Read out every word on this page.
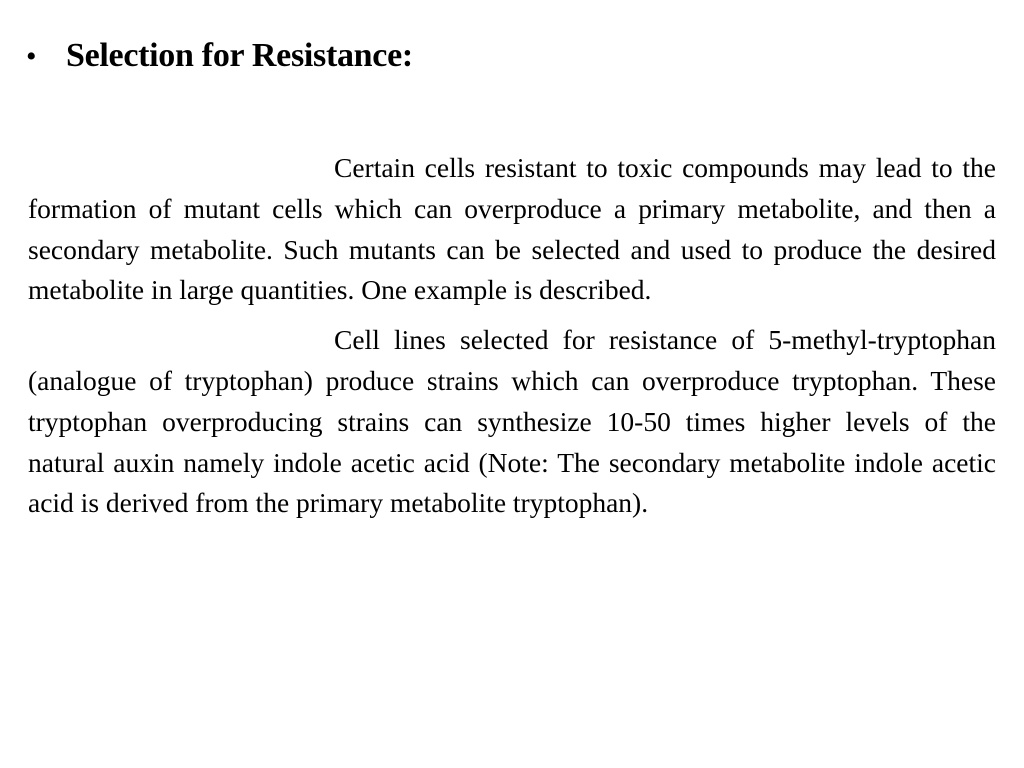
• Selection for Resistance:

Certain cells resistant to toxic compounds may lead to the formation of mutant cells which can overproduce a primary metabolite, and then a secondary metabolite. Such mutants can be selected and used to produce the desired metabolite in large quantities. One example is described.

Cell lines selected for resistance of 5-methyl-tryptophan (analogue of tryptophan) produce strains which can overproduce tryptophan. These tryptophan overproducing strains can synthesize 10-50 times higher levels of the natural auxin namely indole acetic acid (Note: The secondary metabolite indole acetic acid is derived from the primary metabolite tryptophan).
